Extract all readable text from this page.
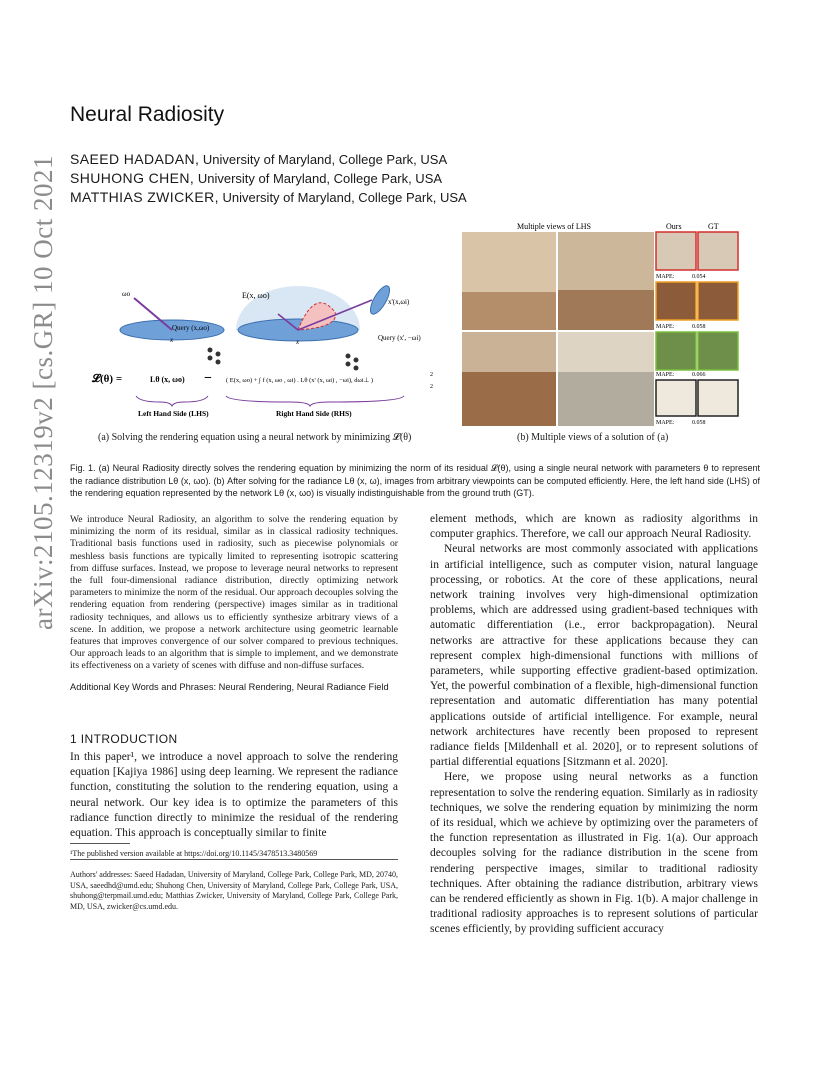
arXiv:2105.12319v2 [cs.GR] 10 Oct 2021
Neural Radiosity
SAEED HADADAN, University of Maryland, College Park, USA
SHUHONG CHEN, University of Maryland, College Park, USA
MATTHIAS ZWICKER, University of Maryland, College Park, USA
ωo
Query (x,ωo)
x
E(x, ωo)
x'(x,ωi)
Query (x', −ωi)
x
𝓛(θ) =	Lθ (x, ωo) − ( E(x, ωo) + ∫ f (x, ωo , ωi) . Lθ (x' (x, ωi) , −ωi), dωi⊥ )
2
2
Left Hand Side (LHS)	Right Hand Side (RHS)
Multiple views of LHS	Ours	GT
MAPE:	0.054
MAPE:	0.058
MAPE:	0.066
MAPE:	0.058
(a) Solving the rendering equation using a neural network by minimizing 𝓛(θ)	(b) Multiple views of a solution of (a)
Fig. 1. (a) Neural Radiosity directly solves the rendering equation by minimizing the norm of its residual 𝓛(θ), using a single neural network with parameters θ to represent the radiance distribution Lθ (x, ωo). (b) After solving for the radiance Lθ (x, ω), images from arbitrary viewpoints can be computed efficiently. Here, the left hand side (LHS) of the rendering equation represented by the network Lθ (x, ωo) is visually indistinguishable from the ground truth (GT).

We introduce Neural Radiosity, an algorithm to solve the rendering equation by minimizing the norm of its residual, similar as in classical radiosity techniques. Traditional basis functions used in radiosity, such as piecewise polynomials or meshless basis functions are typically limited to representing isotropic scattering from diffuse surfaces. Instead, we propose to leverage neural networks to represent the full four-dimensional radiance distribution, directly optimizing network parameters to minimize the norm of the residual. Our approach decouples solving the rendering equation from rendering (perspective) images similar as in traditional radiosity techniques, and allows us to efficiently synthesize arbitrary views of a scene. In addition, we propose a network architecture using geometric learnable features that improves convergence of our solver compared to previous techniques. Our approach leads to an algorithm that is simple to implement, and we demonstrate its effectiveness on a variety of scenes with diffuse and non-diffuse surfaces.

Additional Key Words and Phrases: Neural Rendering, Neural Radiance Field

1 INTRODUCTION
In this paper¹, we introduce a novel approach to solve the rendering equation [Kajiya 1986] using deep learning. We represent the radiance function, constituting the solution to the rendering equation, using a neural network. Our key idea is to optimize the parameters of this radiance function directly to minimize the residual of the rendering equation. This approach is conceptually similar to finite
¹The published version available at https://doi.org/10.1145/3478513.3480569
Authors' addresses: Saeed Hadadan, University of Maryland, College Park, College Park, MD, 20740, USA, saeedhd@umd.edu; Shuhong Chen, University of Maryland, College Park, College Park, USA, shuhong@terpmail.umd.edu; Matthias Zwicker, University of Maryland, College Park, College Park, MD, USA, zwicker@cs.umd.edu.

element methods, which are known as radiosity algorithms in computer graphics. Therefore, we call our approach Neural Radiosity.

Neural networks are most commonly associated with applications in artificial intelligence, such as computer vision, natural language processing, or robotics. At the core of these applications, neural network training involves very high-dimensional optimization problems, which are addressed using gradient-based techniques with automatic differentiation (i.e., error backpropagation). Neural networks are attractive for these applications because they can represent complex high-dimensional functions with millions of parameters, while supporting effective gradient-based optimization. Yet, the powerful combination of a flexible, high-dimensional function representation and automatic differentiation has many potential applications outside of artificial intelligence. For example, neural network architectures have recently been proposed to represent radiance fields [Mildenhall et al. 2020], or to represent solutions of partial differential equations [Sitzmann et al. 2020].

Here, we propose using neural networks as a function representation to solve the rendering equation. Similarly as in radiosity techniques, we solve the rendering equation by minimizing the norm of its residual, which we achieve by optimizing over the parameters of the function representation as illustrated in Fig. 1(a). Our approach decouples solving for the radiance distribution in the scene from rendering perspective images, similar to traditional radiosity techniques. After obtaining the radiance distribution, arbitrary views can be rendered efficiently as shown in Fig. 1(b). A major challenge in traditional radiosity approaches is to represent solutions of particular scenes efficiently, by providing sufficient accuracy
